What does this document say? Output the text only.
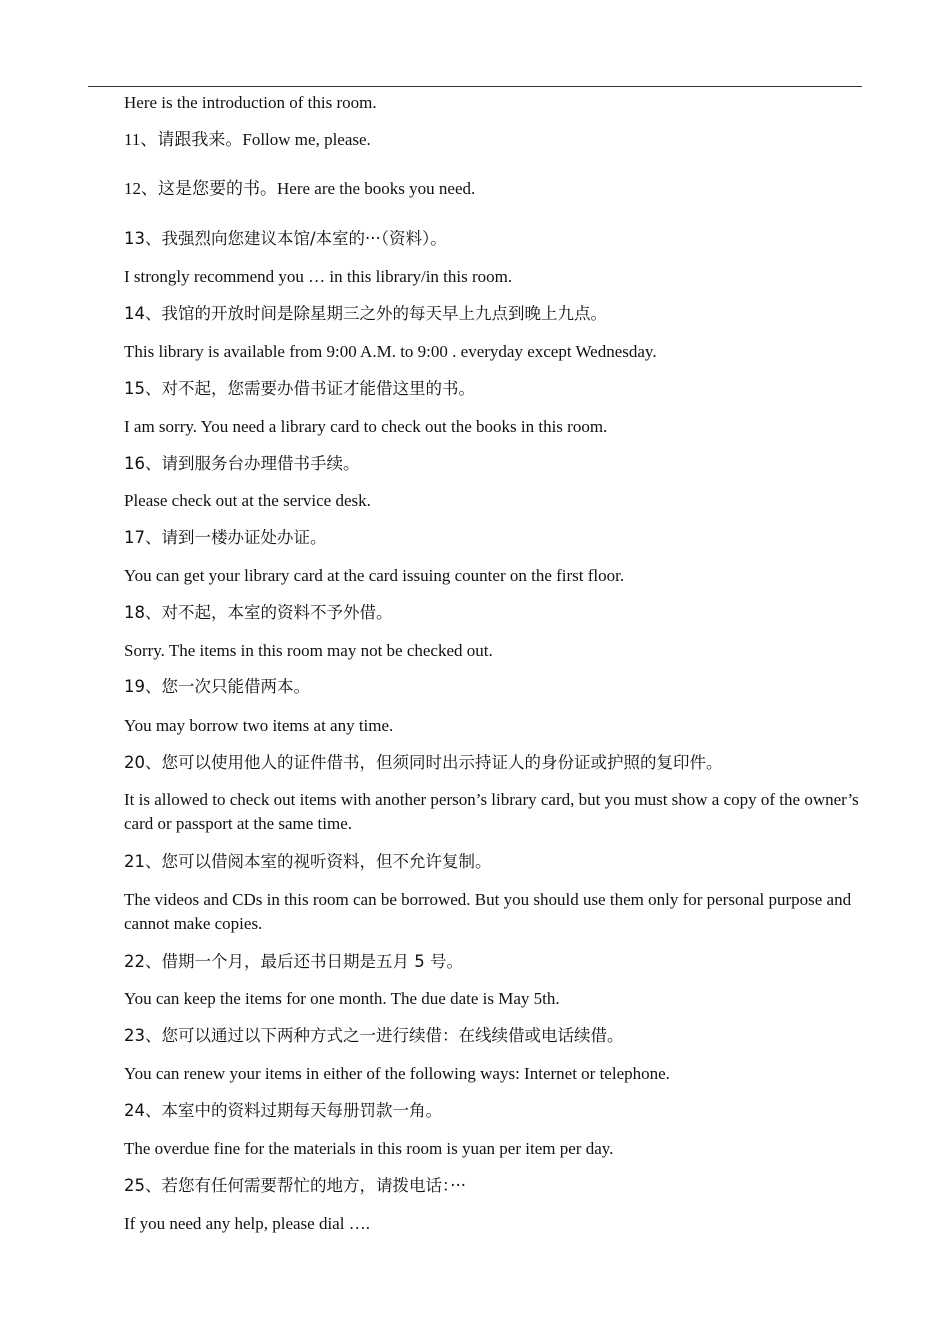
Here is the introduction of this room.
11、请跟我来。Follow me, please.
12、这是您要的书。Here are the books you need.
13、我强烈向您建议本馆/本室的···（资料）。
I strongly recommend you … in this library/in this room.
14、我馆的开放时间是除星期三之外的每天早上九点到晚上九点。
This library is available from 9:00 A.M. to 9:00 . everyday except Wednesday.
15、对不起，您需要办借书证才能借这里的书。
I am sorry. You need a library card to check out the books in this room.
16、请到服务台办理借书手续。
Please check out at the service desk.
17、请到一楼办证处办证。
You can get your library card at the card issuing counter on the first floor.
18、对不起，本室的资料不予外借。
Sorry. The items in this room may not be checked out.
19、您一次只能借两本。
You may borrow two items at any time.
20、您可以使用他人的证件借书，但须同时出示持证人的身份证或护照的复印件。
It is allowed to check out items with another person’s library card, but you must show a copy of the owner’s card or passport at the same time.
21、您可以借阅本室的视听资料，但不允许复制。
The videos and CDs in this room can be borrowed. But you should use them only for personal purpose and cannot make copies.
22、借期一个月，最后还书日期是五月 5 号。
You can keep the items for one month. The due date is May 5th.
23、您可以通过以下两种方式之一进行续借：在线续借或电话续借。
You can renew your items in either of the following ways: Internet or telephone.
24、本室中的资料过期每天每册罚款一角。
The overdue fine for the materials in this room is yuan per item per day.
25、若您有任何需要帮忙的地方，请拨电话：···
If you need any help, please dial ….
